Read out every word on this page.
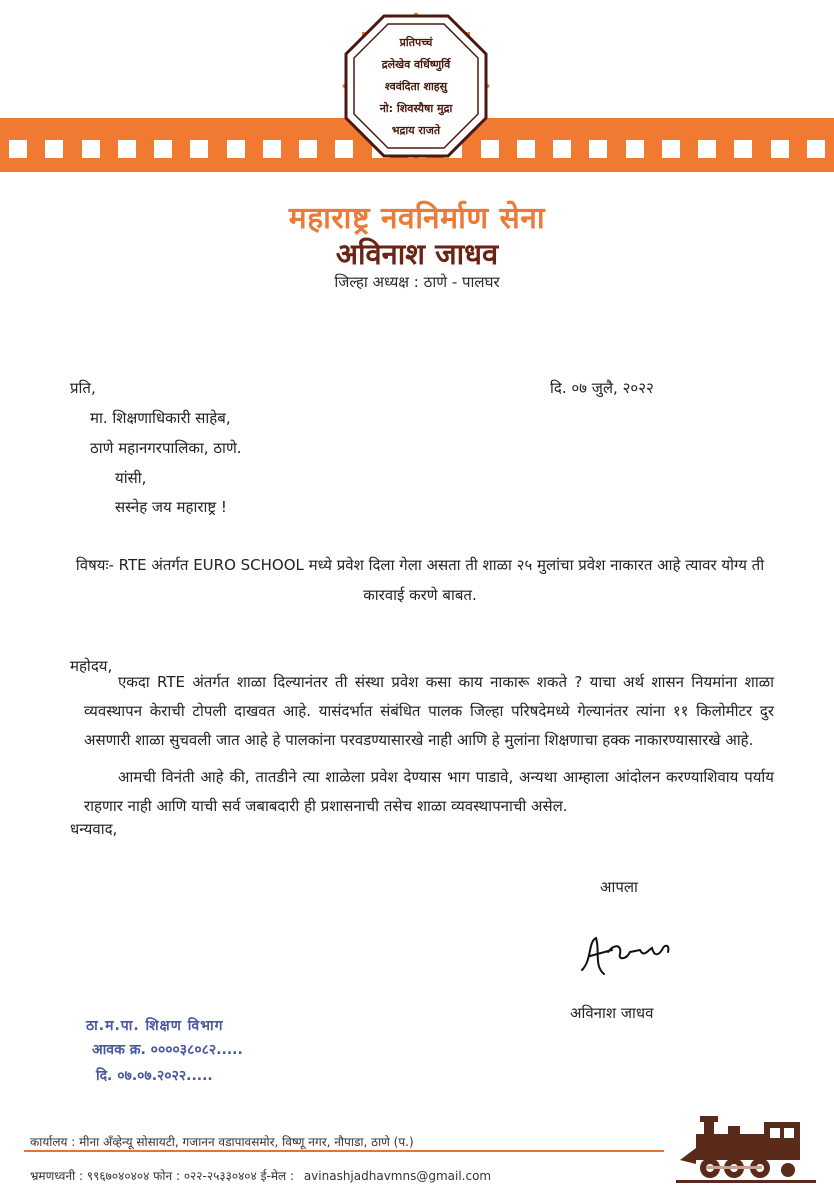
प्रतिपच्चं
द्रलेखेव वर्धिष्णुर्वि
श्ववंदिता शाहसु
नो: शिवस्यैषा मुद्रा
भद्राय राजते
महाराष्ट्र नवनिर्माण सेना
अविनाश जाधव
जिल्हा अध्यक्ष : ठाणे - पालघर
प्रति,	दि. ०७ जुलै, २०२२
मा. शिक्षणाधिकारी साहेब,
ठाणे महानगरपालिका, ठाणे.
यांसी,
सस्नेह जय महाराष्ट्र !
विषयः- RTE अंतर्गत EURO SCHOOL मध्ये प्रवेश दिला गेला असता ती शाळा २५ मुलांचा प्रवेश नाकारत आहे त्यावर योग्य ती कारवाई करणे बाबत.
महोदय,
एकदा RTE अंतर्गत शाळा दिल्यानंतर ती संस्था प्रवेश कसा काय नाकारू शकते ? याचा अर्थ शासन नियमांना शाळा व्यवस्थापन केराची टोपली दाखवत आहे. यासंदर्भात संबंधित पालक जिल्हा परिषदेमध्ये गेल्यानंतर त्यांना ११ किलोमीटर दुर असणारी शाळा सुचवली जात आहे हे पालकांना परवडण्यासारखे नाही आणि हे मुलांना शिक्षणाचा हक्क नाकारण्यासारखे आहे.
आमची विनंती आहे की, तातडीने त्या शाळेला प्रवेश देण्यास भाग पाडावे, अन्यथा आम्हाला आंदोलन करण्याशिवाय पर्याय राहणार नाही आणि याची सर्व जबाबदारी ही प्रशासनाची तसेच शाळा व्यवस्थापनाची असेल.
धन्यवाद,
आपला
अविनाश जाधव
ठा.म.पा. शिक्षण विभाग
आवक क्र. ००००३८०८२.....
दि. ०७.०७.२०२२.....
कार्यालय : मीना अँव्हेन्यू सोसायटी, गजानन वडापावसमोर, विष्णू नगर, नौपाडा, ठाणे (प.)
भ्रमणध्वनी : ९९६७०४०४०४ फोन : ०२२-२५३३०४०४ ई-मेल : avinashjadhavmns@gmail.com
